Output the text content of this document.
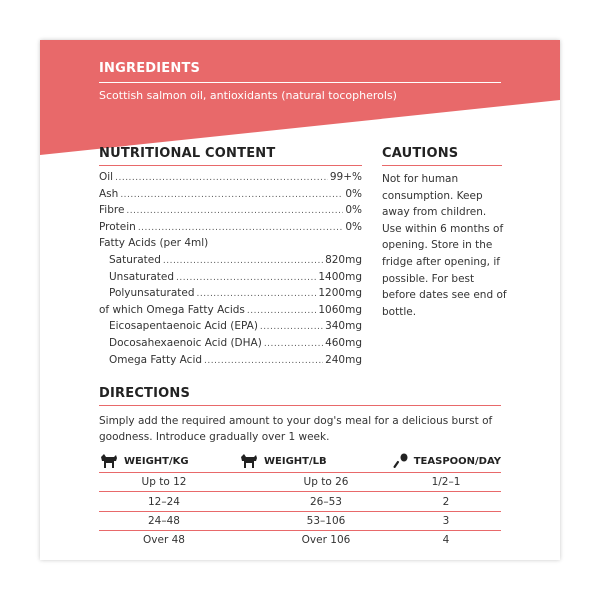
INGREDIENTS
Scottish salmon oil, antioxidants (natural tocopherols)
NUTRITIONAL CONTENT
Oil .....	99+%
Ash .....	0%
Fibre .....	0%
Protein .....	0%
Fatty Acids (per 4ml)
Saturated .....	820mg
Unsaturated .....	1400mg
Polyunsaturated .....	1200mg
of which Omega Fatty Acids .....	1060mg
Eicosapentaenoic Acid (EPA) .....	340mg
Docosahexaenoic Acid (DHA) .....	460mg
Omega Fatty Acid .....	240mg
CAUTIONS
Not for human consumption. Keep away from children. Use within 6 months of opening. Store in the fridge after opening, if possible. For best before dates see end of bottle.
DIRECTIONS
Simply add the required amount to your dog's meal for a delicious burst of goodness. Introduce gradually over 1 week.
WEIGHT/KG	WEIGHT/LB	TEASPOON/DAY
Up to 12	Up to 26	1/2–1
12–24	26–53	2
24–48	53–106	3
Over 48	Over 106	4
